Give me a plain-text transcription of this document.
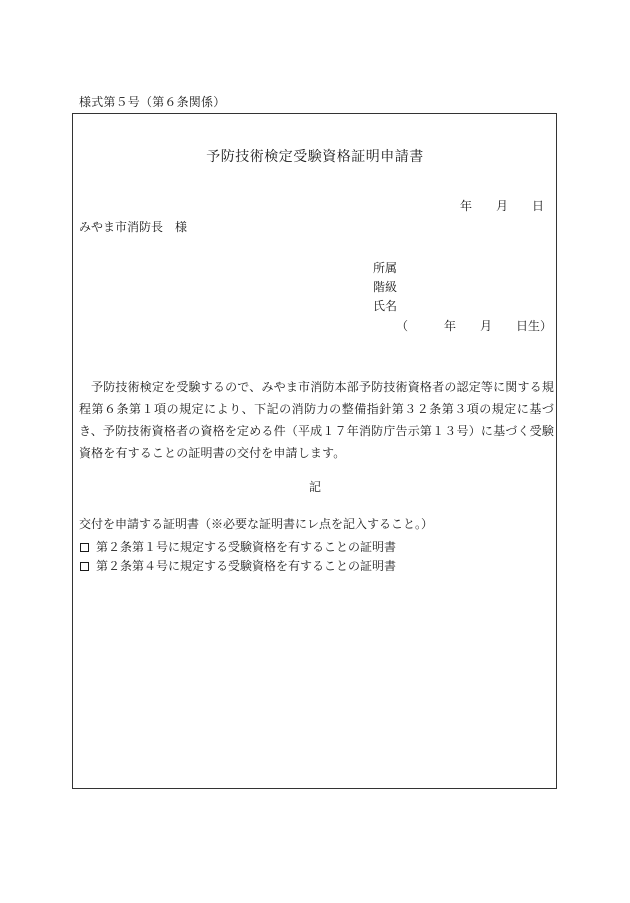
様式第５号（第６条関係）
予防技術検定受験資格証明申請書
年　　月　　日
みやま市消防長　様
所属
階級
氏名
（　　　年　　月　　日生）
予防技術検定を受験するので、みやま市消防本部予防技術資格者の認定等に関する規程第６条第１項の規定により、下記の消防力の整備指針第３２条第３項の規定に基づき、予防技術資格者の資格を定める件（平成１７年消防庁告示第１３号）に基づく受験資格を有することの証明書の交付を申請します。
記
交付を申請する証明書（※必要な証明書にレ点を記入すること。）
第２条第１号に規定する受験資格を有することの証明書
第２条第４号に規定する受験資格を有することの証明書
